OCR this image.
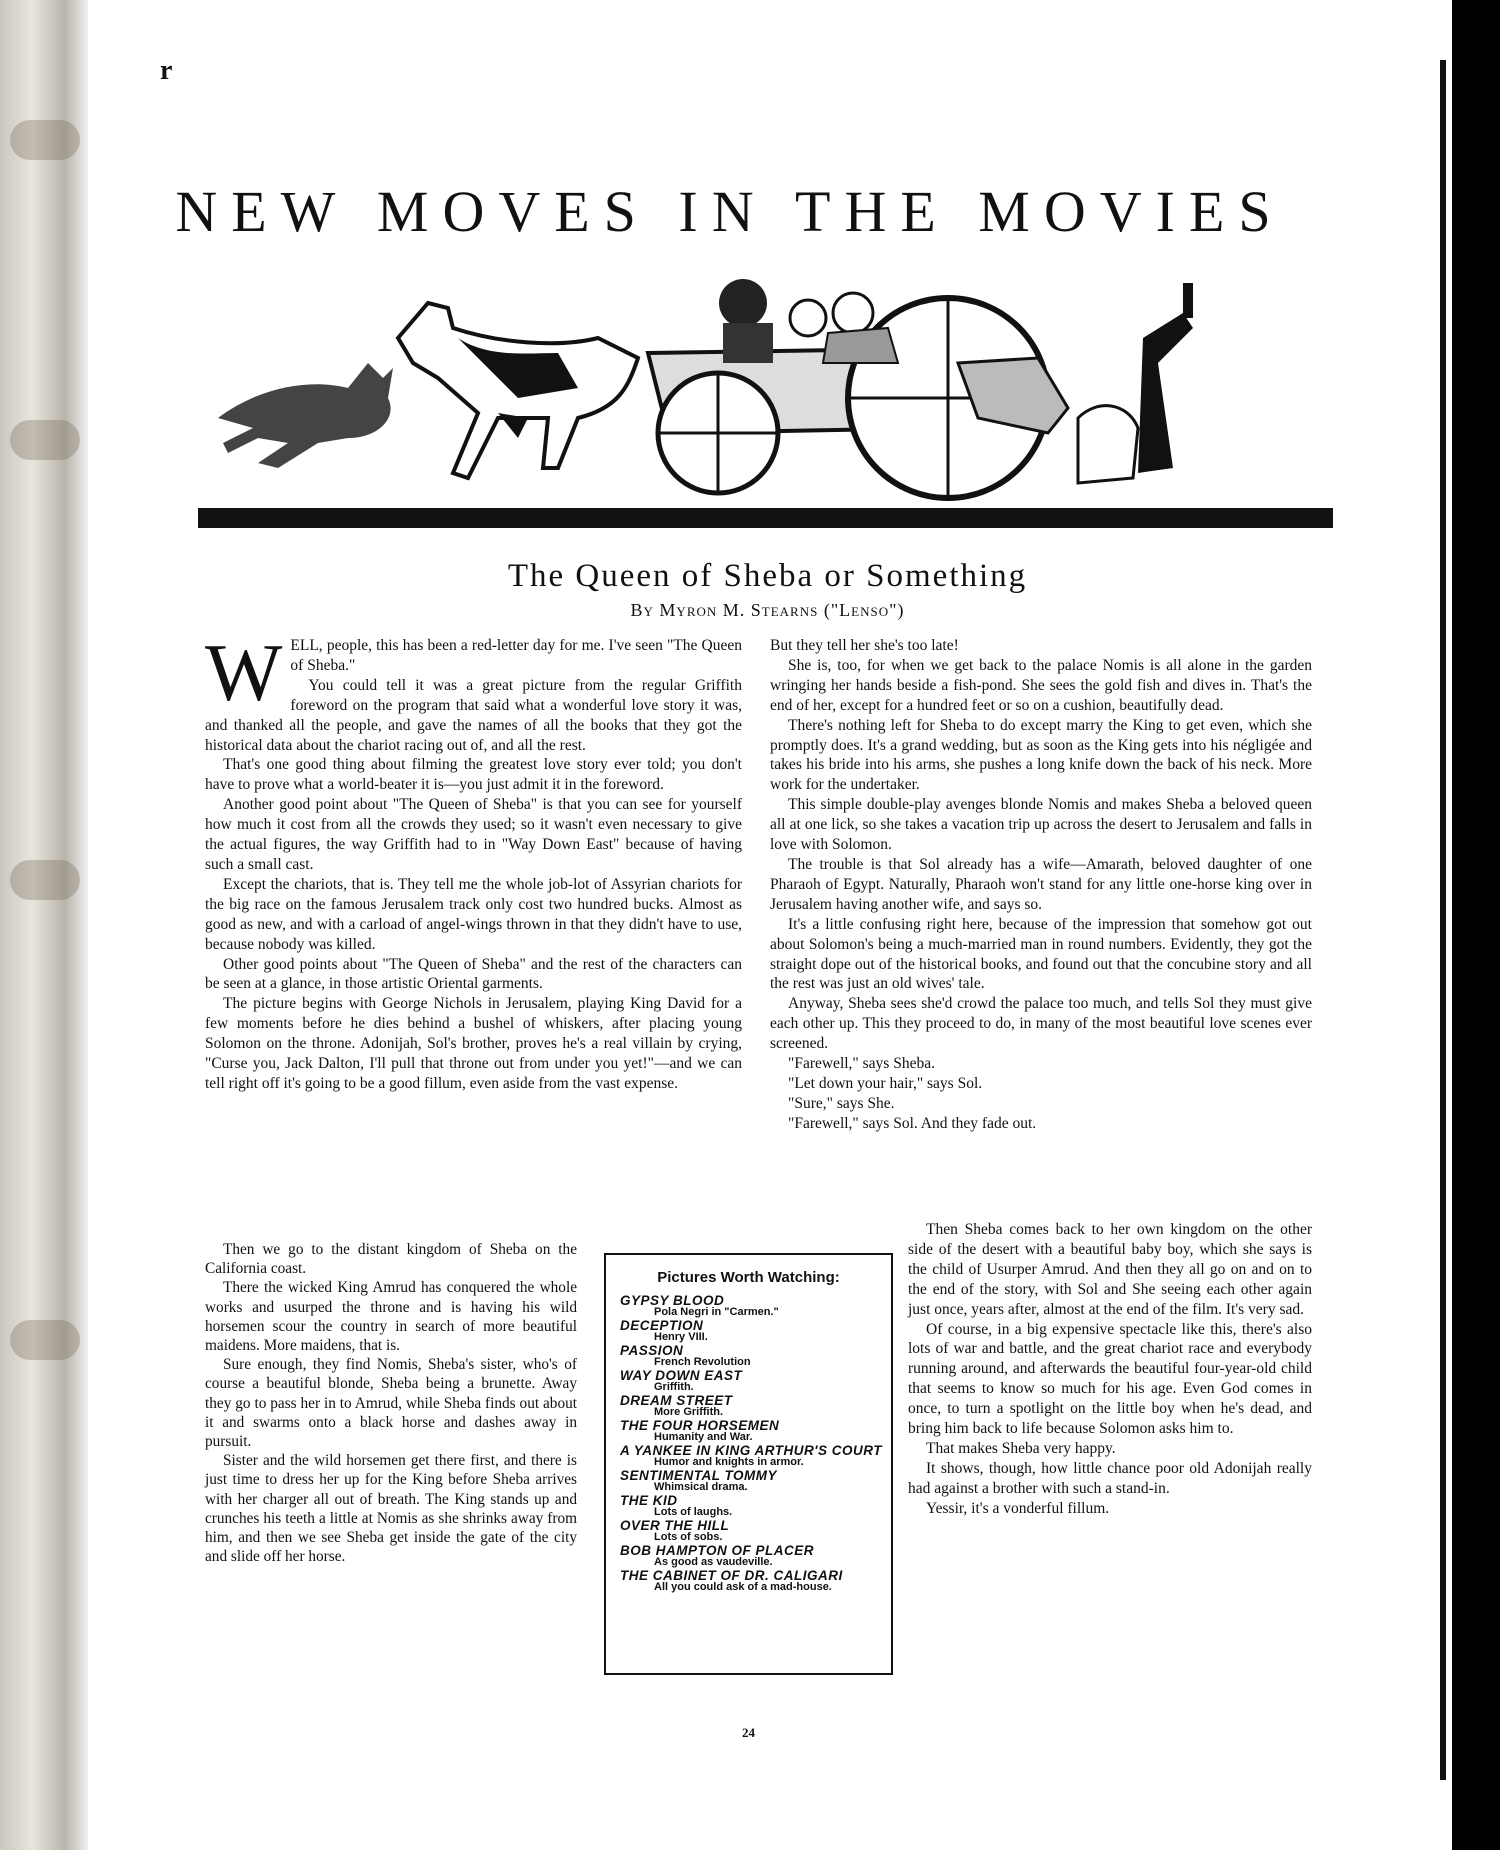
r
NEW MOVES IN THE MOVIES
The Queen of Sheba or Something
By Myron M. Stearns ("Lenso")

WELL, people, this has been a red-letter day for me. I've seen "The Queen of Sheba."

You could tell it was a great picture from the regular Griffith foreword on the program that said what a wonderful love story it was, and thanked all the people, and gave the names of all the books that they got the historical data about the chariot racing out of, and all the rest.

That's one good thing about filming the greatest love story ever told; you don't have to prove what a world-beater it is—you just admit it in the foreword.

Another good point about "The Queen of Sheba" is that you can see for yourself how much it cost from all the crowds they used; so it wasn't even necessary to give the actual figures, the way Griffith had to in "Way Down East" because of having such a small cast.

Except the chariots, that is. They tell me the whole job-lot of Assyrian chariots for the big race on the famous Jerusalem track only cost two hundred bucks. Almost as good as new, and with a carload of angel-wings thrown in that they didn't have to use, because nobody was killed.

Other good points about "The Queen of Sheba" and the rest of the characters can be seen at a glance, in those artistic Oriental garments.

The picture begins with George Nichols in Jerusalem, playing King David for a few moments before he dies behind a bushel of whiskers, after placing young Solomon on the throne. Adonijah, Sol's brother, proves he's a real villain by crying, "Curse you, Jack Dalton, I'll pull that throne out from under you yet!"—and we can tell right off it's going to be a good fillum, even aside from the vast expense.

Then we go to the distant kingdom of Sheba on the California coast.

There the wicked King Amrud has conquered the whole works and usurped the throne and is having his wild horsemen scour the country in search of more beautiful maidens. More maidens, that is.

Sure enough, they find Nomis, Sheba's sister, who's of course a beautiful blonde, Sheba being a brunette. Away they go to pass her in to Amrud, while Sheba finds out about it and swarms onto a black horse and dashes away in pursuit.

Sister and the wild horsemen get there first, and there is just time to dress her up for the King before Sheba arrives with her charger all out of breath. The King stands up and crunches his teeth a little at Nomis as she shrinks away from him, and then we see Sheba get inside the gate of the city and slide off her horse.

But they tell her she's too late!

She is, too, for when we get back to the palace Nomis is all alone in the garden wringing her hands beside a fish-pond. She sees the gold fish and dives in. That's the end of her, except for a hundred feet or so on a cushion, beautifully dead.

There's nothing left for Sheba to do except marry the King to get even, which she promptly does. It's a grand wedding, but as soon as the King gets into his négligée and takes his bride into his arms, she pushes a long knife down the back of his neck. More work for the undertaker.

This simple double-play avenges blonde Nomis and makes Sheba a beloved queen all at one lick, so she takes a vacation trip up across the desert to Jerusalem and falls in love with Solomon.

The trouble is that Sol already has a wife—Amarath, beloved daughter of one Pharaoh of Egypt. Naturally, Pharaoh won't stand for any little one-horse king over in Jerusalem having another wife, and says so.

It's a little confusing right here, because of the impression that somehow got out about Solomon's being a much-married man in round numbers. Evidently, they got the straight dope out of the historical books, and found out that the concubine story and all the rest was just an old wives' tale.

Anyway, Sheba sees she'd crowd the palace too much, and tells Sol they must give each other up. This they proceed to do, in many of the most beautiful love scenes ever screened.

"Farewell," says Sheba.

"Let down your hair," says Sol.

"Sure," says She.

"Farewell," says Sol. And they fade out.

Then Sheba comes back to her own kingdom on the other side of the desert with a beautiful baby boy, which she says is the child of Usurper Amrud. And then they all go on and on to the end of the story, with Sol and She seeing each other again just once, years after, almost at the end of the film. It's very sad.

Of course, in a big expensive spectacle like this, there's also lots of war and battle, and the great chariot race and everybody running around, and afterwards the beautiful four-year-old child that seems to know so much for his age. Even God comes in once, to turn a spotlight on the little boy when he's dead, and bring him back to life because Solomon asks him to.

That makes Sheba very happy.

It shows, though, how little chance poor old Adonijah really had against a brother with such a stand-in.

Yessir, it's a vonderful fillum.

Pictures Worth Watching:
GYPSY BLOOD
Pola Negri in "Carmen."
DECEPTION
Henry VIII.
PASSION
French Revolution
WAY DOWN EAST
Griffith.
DREAM STREET
More Griffith.
THE FOUR HORSEMEN
Humanity and War.
A YANKEE IN KING ARTHUR'S COURT
Humor and knights in armor.
SENTIMENTAL TOMMY
Whimsical drama.
THE KID
Lots of laughs.
OVER THE HILL
Lots of sobs.
BOB HAMPTON OF PLACER
As good as vaudeville.
THE CABINET OF DR. CALIGARI
All you could ask of a mad-house.
24
comicbooks.com
